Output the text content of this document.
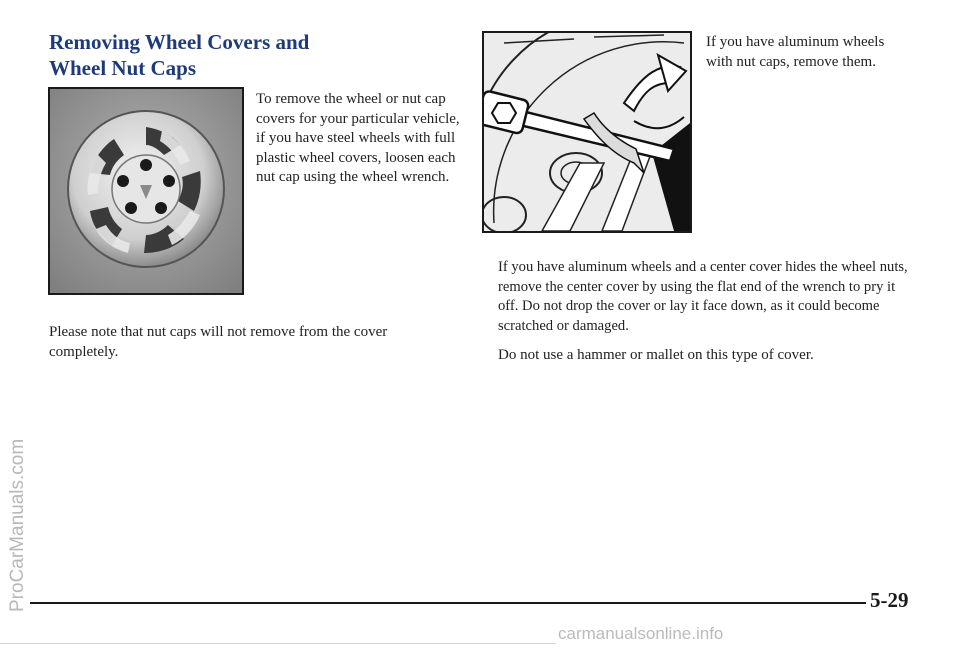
ProCarManuals.com
Removing Wheel Covers and
Wheel Nut Caps

To remove the wheel or nut cap covers for your particular vehicle, if you have steel wheels with full plastic wheel covers, loosen each nut cap using the wheel wrench.

Please note that nut caps will not remove from the cover completely.

If you have aluminum wheels with nut caps, remove them.

If you have aluminum wheels and a center cover hides the wheel nuts, remove the center cover by using the flat end of the wrench to pry it off. Do not drop the cover or lay it face down, as it could become scratched or damaged.

Do not use a hammer or mallet on this type of cover.

5-29

carmanualsonline.info
